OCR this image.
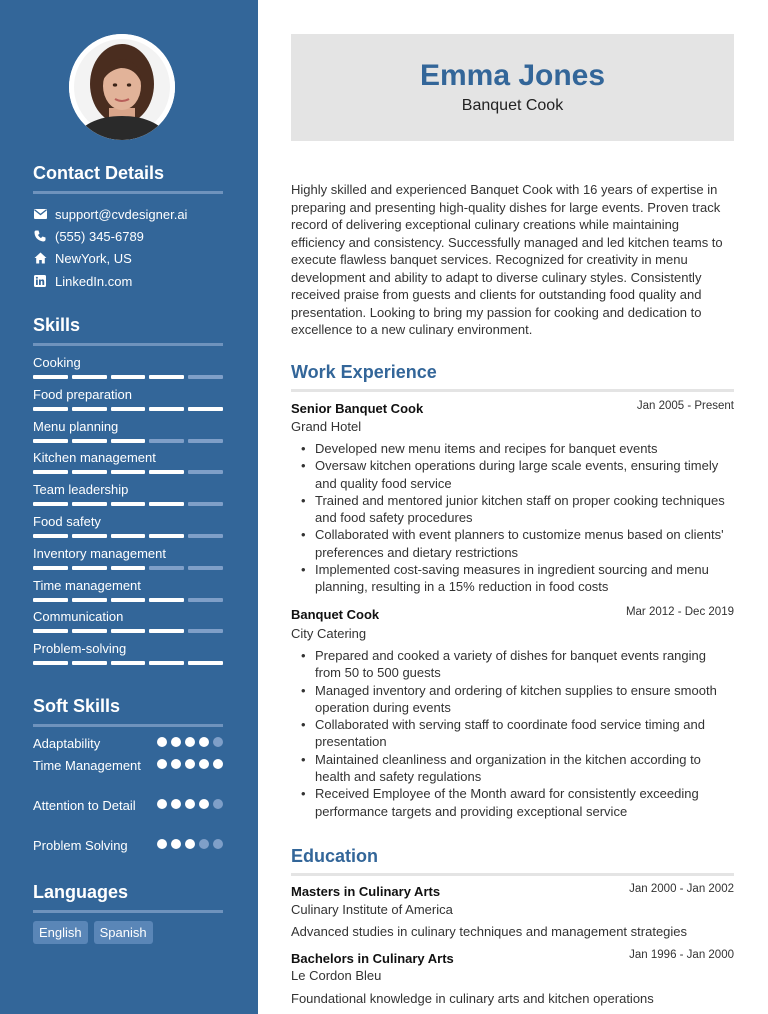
Contact Details
support@cvdesigner.ai
(555) 345-6789
NewYork, US
LinkedIn.com
Skills
Cooking
Food preparation
Menu planning
Kitchen management
Team leadership
Food safety
Inventory management
Time management
Communication
Problem-solving
Soft Skills
Adaptability
Time Management
Attention to Detail
Problem Solving
Languages
English	Spanish
Emma Jones
Banquet Cook
Highly skilled and experienced Banquet Cook with 16 years of expertise in preparing and presenting high-quality dishes for large events. Proven track record of delivering exceptional culinary creations while maintaining efficiency and consistency. Successfully managed and led kitchen teams to execute flawless banquet services. Recognized for creativity in menu development and ability to adapt to diverse culinary styles. Consistently received praise from guests and clients for outstanding food quality and presentation. Looking to bring my passion for cooking and dedication to excellence to a new culinary environment.
Work Experience
Senior Banquet Cook	Jan 2005 - Present
Grand Hotel
• Developed new menu items and recipes for banquet events
• Oversaw kitchen operations during large scale events, ensuring timely and quality food service
• Trained and mentored junior kitchen staff on proper cooking techniques and food safety procedures
• Collaborated with event planners to customize menus based on clients' preferences and dietary restrictions
• Implemented cost-saving measures in ingredient sourcing and menu planning, resulting in a 15% reduction in food costs
Banquet Cook	Mar 2012 - Dec 2019
City Catering
• Prepared and cooked a variety of dishes for banquet events ranging from 50 to 500 guests
• Managed inventory and ordering of kitchen supplies to ensure smooth operation during events
• Collaborated with serving staff to coordinate food service timing and presentation
• Maintained cleanliness and organization in the kitchen according to health and safety regulations
• Received Employee of the Month award for consistently exceeding performance targets and providing exceptional service
Education
Masters in Culinary Arts	Jan 2000 - Jan 2002
Culinary Institute of America
Advanced studies in culinary techniques and management strategies
Bachelors in Culinary Arts	Jan 1996 - Jan 2000
Le Cordon Bleu
Foundational knowledge in culinary arts and kitchen operations
